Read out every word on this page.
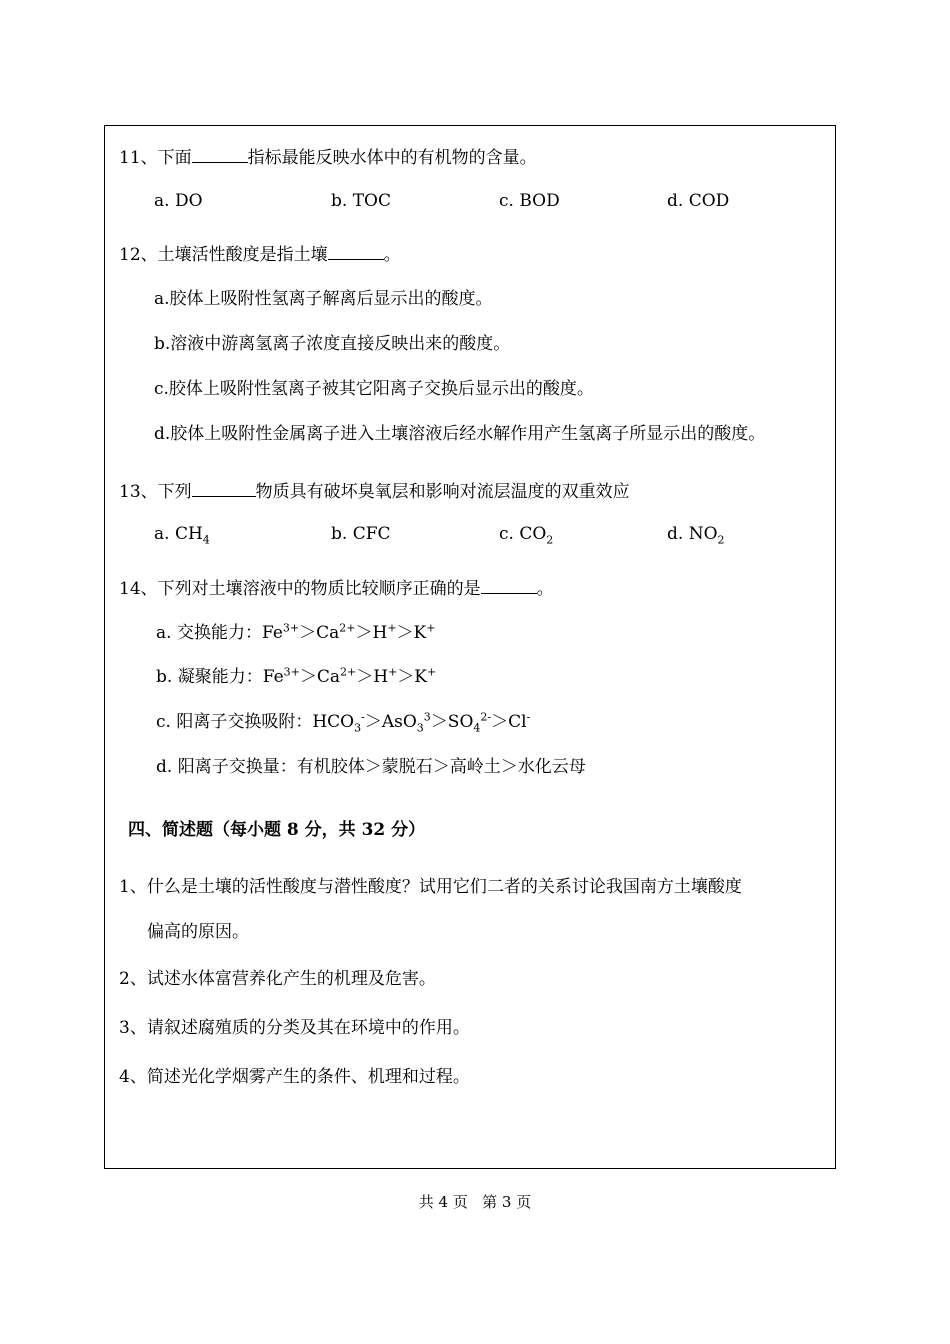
11、下面	指标最能反映水体中的有机物的含量。
a. DO	b. TOC	c. BOD	d. COD
12、土壤活性酸度是指土壤	。
a.胶体上吸附性氢离子解离后显示出的酸度。
b.溶液中游离氢离子浓度直接反映出来的酸度。
c.胶体上吸附性氢离子被其它阳离子交换后显示出的酸度。
d.胶体上吸附性金属离子进入土壤溶液后经水解作用产生氢离子所显示出的酸度。
13、下列	物质具有破坏臭氧层和影响对流层温度的双重效应
a. $CH_4$	b. CFC	c. $CO_2$	d. $NO_2$
14、下列对土壤溶液中的物质比较顺序正确的是	。
a. 交换能力：$Fe^{3+}>Ca^{2+}>H^+>K^+$
b. 凝聚能力：$Fe^{3+}>Ca^{2+}>H^+>K^+$
c. 阳离子交换吸附：$HCO_3^->AsO_3^3>SO_4^{2-}>Cl^-$
d. 阳离子交换量：有机胶体＞蒙脱石＞高岭土＞水化云母
四、简述题（每小题 8 分，共 32 分）
1、什么是土壤的活性酸度与潜性酸度？试用它们二者的关系讨论我国南方土壤酸度
偏高的原因。
2、试述水体富营养化产生的机理及危害。
3、请叙述腐殖质的分类及其在环境中的作用。
4、简述光化学烟雾产生的条件、机理和过程。
共 4 页   第 3 页
